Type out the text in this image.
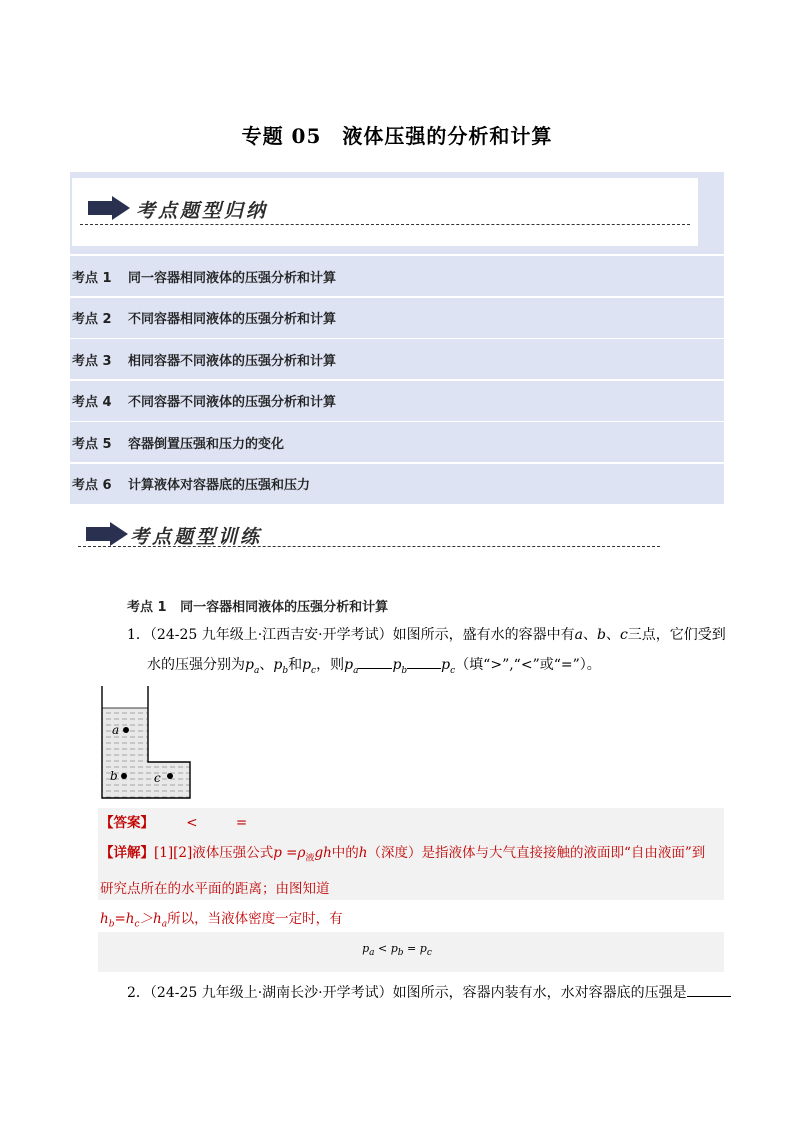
专题 05　液体压强的分析和计算
考点题型归纳
考点 1	同一容器相同液体的压强分析和计算
考点 2	不同容器相同液体的压强分析和计算
考点 3	相同容器不同液体的压强分析和计算
考点 4	不同容器不同液体的压强分析和计算
考点 5	容器倒置压强和压力的变化
考点 6	计算液体对容器底的压强和压力
考点题型训练
考点 1 同一容器相同液体的压强分析和计算
1．（24-25 九年级上·江西吉安·开学考试）如图所示，盛有水的容器中有a、b、c三点，它们受到
水的压强分别为$p_a$、$p_b$和$p_c$，则$p_a$ $p_b$ $p_c$（填“>”,“<”或“=”）。
a
b	c
【答案】 <	=
【详解】[1][2]液体压强公式$p =\rho_液gh$中的h（深度）是指液体与大气直接接触的液面即“自由液面”到
研究点所在的水平面的距离；由图知道
$h_b=h_c>h_a$所以，当液体密度一定时，有
$p_a < p_b = p_c$
2．（24-25 九年级上·湖南长沙·开学考试）如图所示，容器内装有水，水对容器底的压强是
